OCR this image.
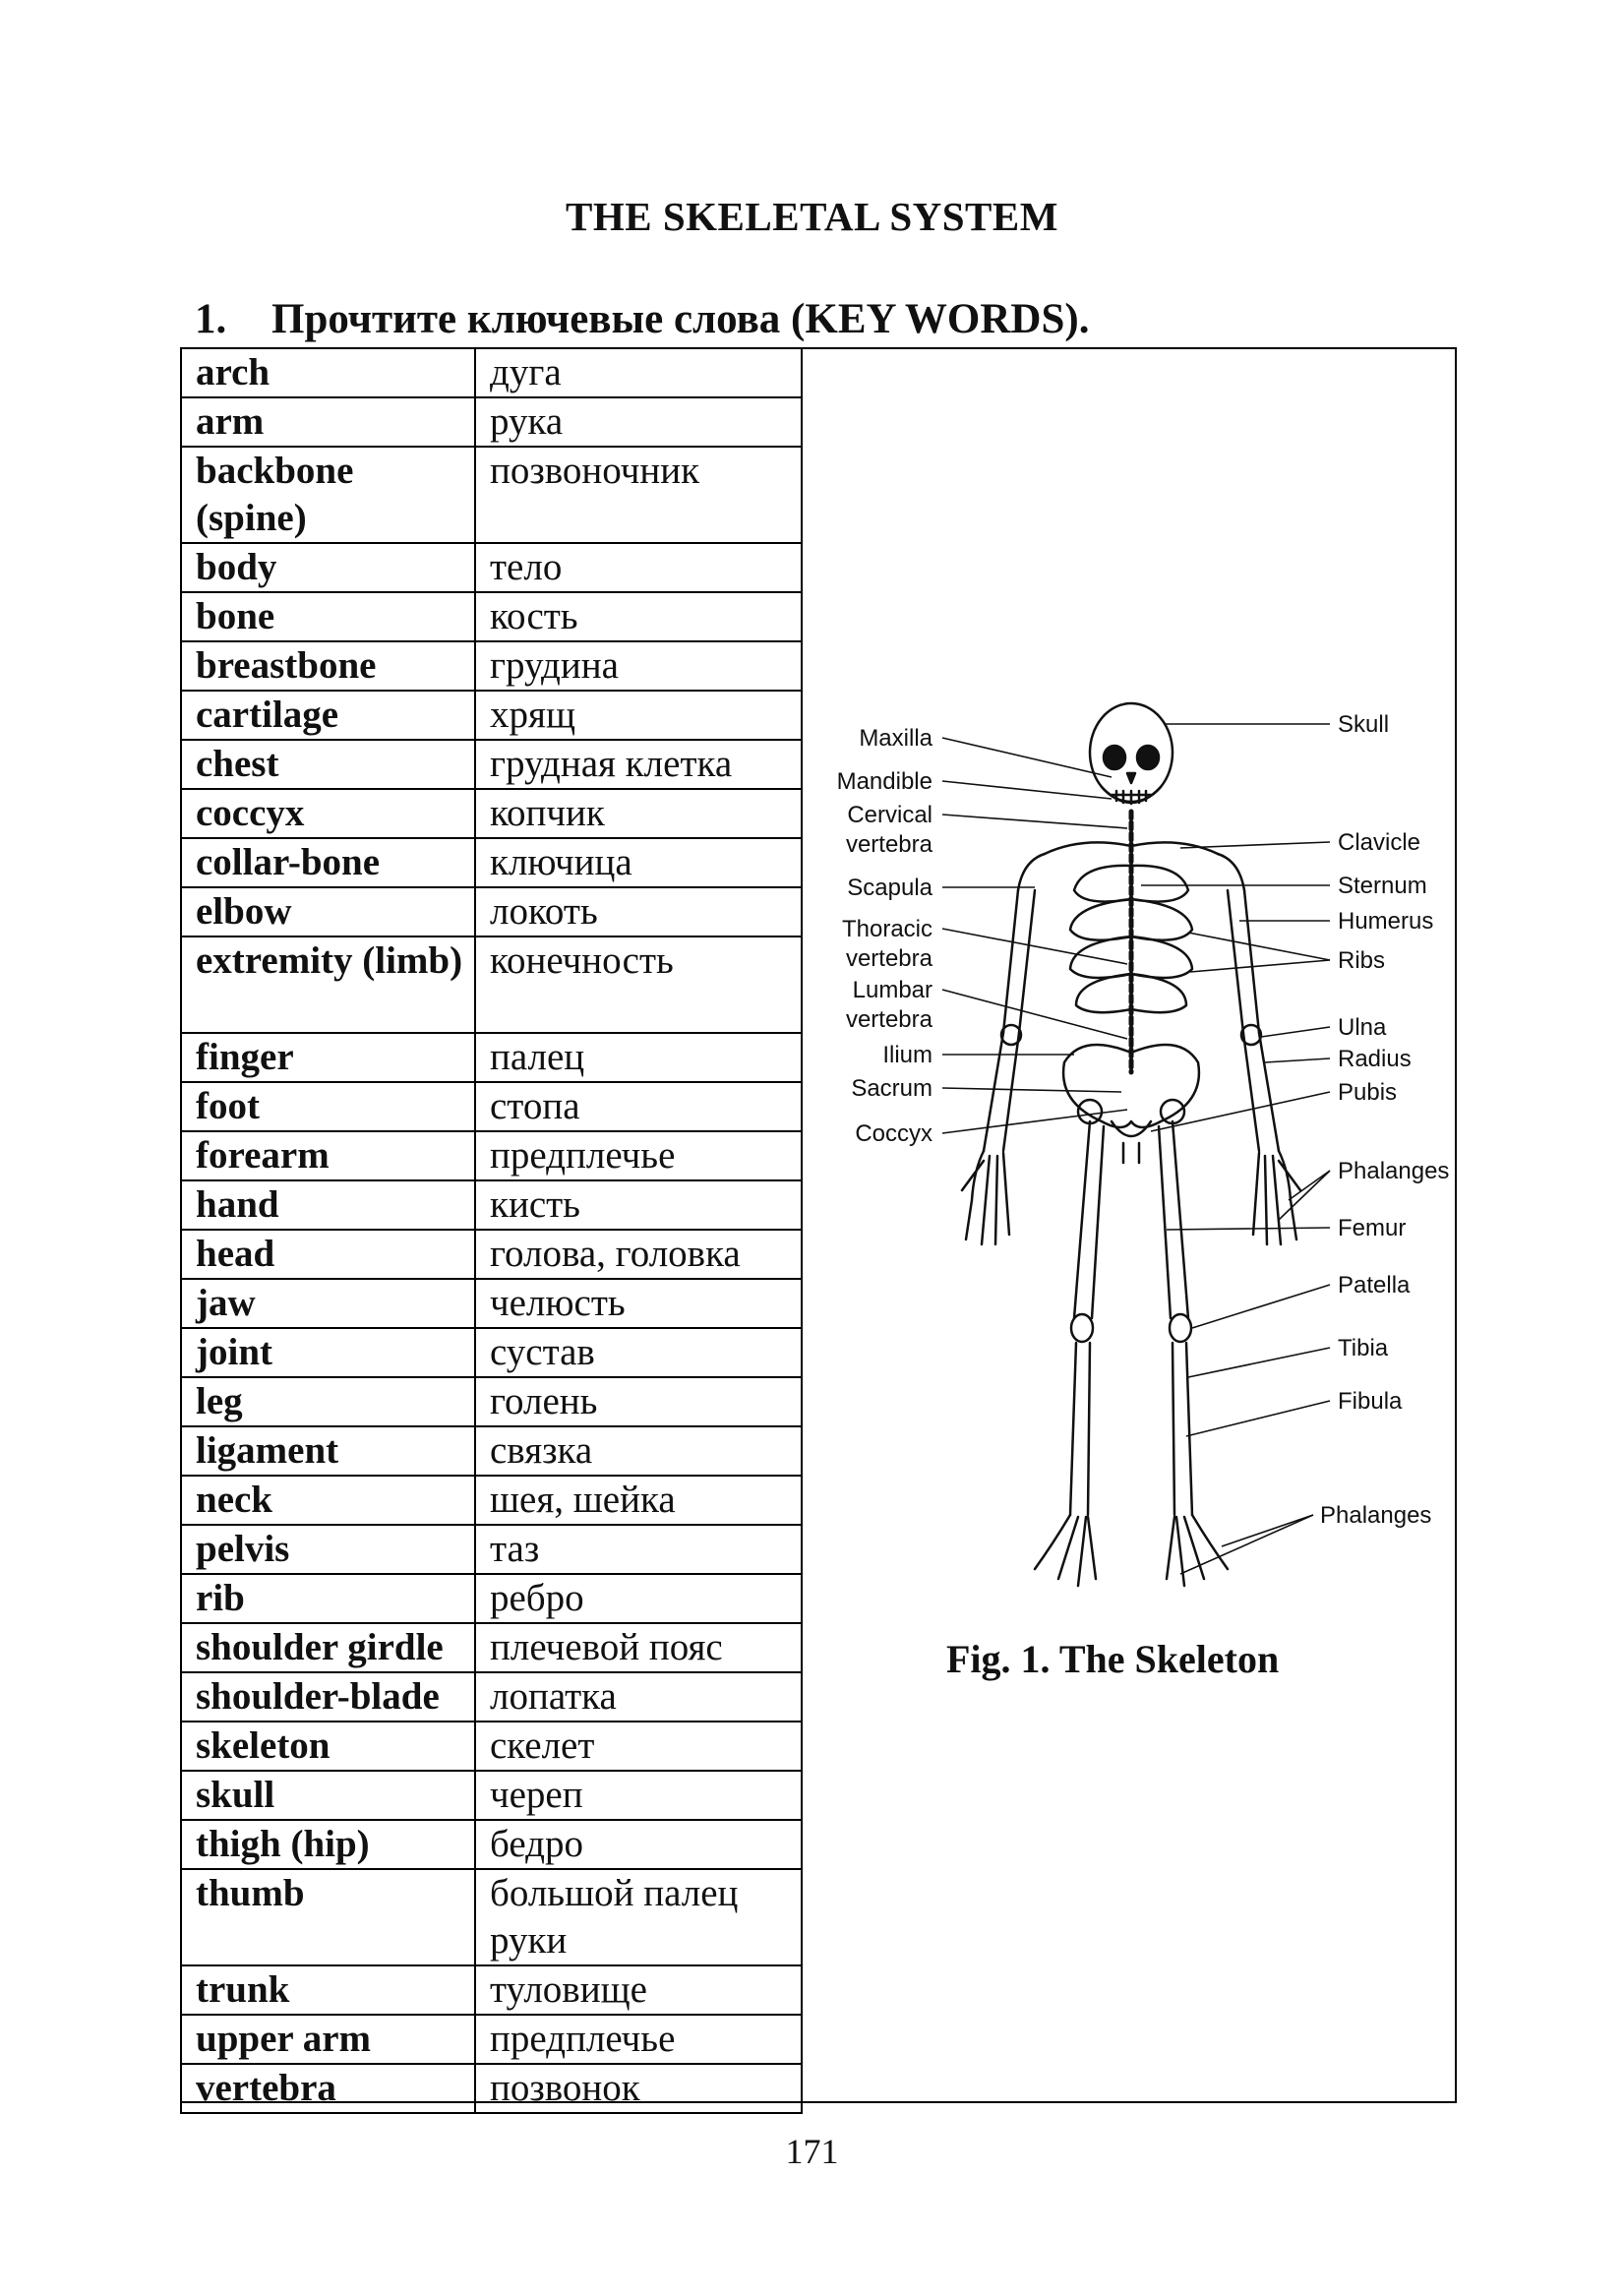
THE SKELETAL SYSTEM
1. Прочтите ключевые слова (KEY WORDS).
arch	дуга
arm	рука
backbone (spine)	позвоночник
body	тело
bone	кость
breastbone	грудина
cartilage	хрящ
chest	грудная клетка
coccyx	копчик
collar-bone	ключица
elbow	локоть
extremity (limb)	конечность
finger	палец
foot	стопа
forearm	предплечье
hand	кисть
head	голова, головка
jaw	челюсть
joint	сустав
leg	голень
ligament	связка
neck	шея, шейка
pelvis	таз
rib	ребро
shoulder girdle	плечевой пояс
shoulder-blade	лопатка
skeleton	скелет
skull	череп
thigh (hip)	бедро
thumb	большой палец руки
trunk	туловище
upper arm	предплечье
vertebra	позвонок
Maxilla
Mandible
Cervical
vertebra
Scapula
Thoracic
vertebra
Lumbar
vertebra
Ilium
Sacrum
Coccyx
Skull
Clavicle
Sternum
Humerus
Ribs
Ulna
Radius
Pubis
Phalanges
Femur
Patella
Tibia
Fibula
Phalanges
Fig. 1. The Skeleton
171
